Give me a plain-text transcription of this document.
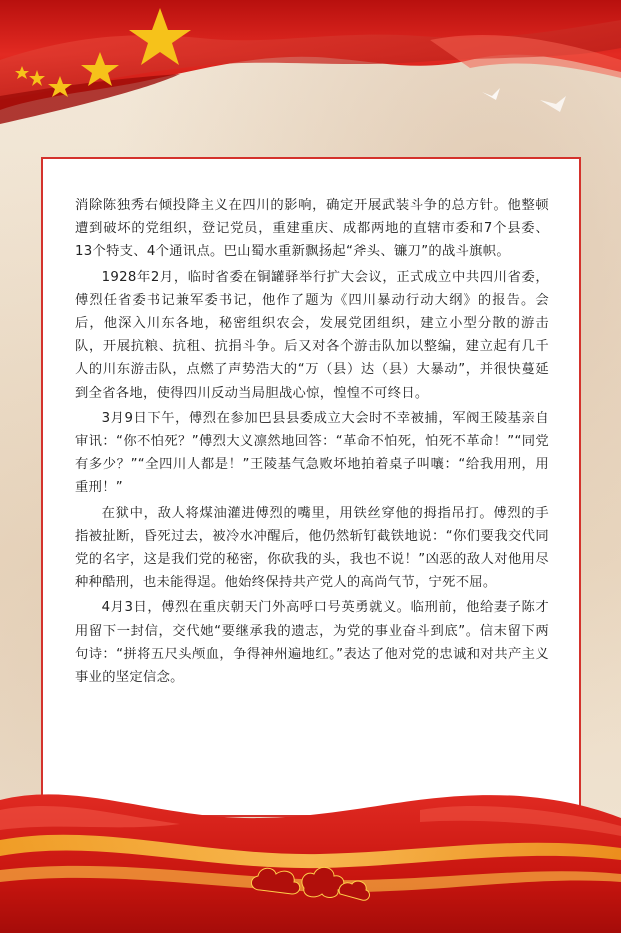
消除陈独秀右倾投降主义在四川的影响，确定开展武装斗争的总方针。他整顿遭到破坏的党组织，登记党员，重建重庆、成都两地的直辖市委和7个县委、13个特支、4个通讯点。巴山蜀水重新飘扬起“斧头、镰刀”的战斗旗帜。

1928年2月，临时省委在铜罐驿举行扩大会议，正式成立中共四川省委，傅烈任省委书记兼军委书记，他作了题为《四川暴动行动大纲》的报告。会后，他深入川东各地，秘密组织农会，发展党团组织，建立小型分散的游击队，开展抗粮、抗租、抗捐斗争。后又对各个游击队加以整编，建立起有几千人的川东游击队，点燃了声势浩大的“万（县）达（县）大暴动”，并很快蔓延到全省各地，使得四川反动当局胆战心惊，惶惶不可终日。

3月9日下午，傅烈在参加巴县县委成立大会时不幸被捕，军阀王陵基亲自审讯：“你不怕死？”傅烈大义凛然地回答：“革命不怕死，怕死不革命！”“同党有多少？”“全四川人都是！”王陵基气急败坏地拍着桌子叫嚷：“给我用刑，用重刑！”

在狱中，敌人将煤油灌进傅烈的嘴里，用铁丝穿他的拇指吊打。傅烈的手指被扯断，昏死过去，被冷水冲醒后，他仍然斩钉截铁地说：“你们要我交代同党的名字，这是我们党的秘密，你砍我的头，我也不说！”凶恶的敌人对他用尽种种酷刑，也未能得逞。他始终保持共产党人的高尚气节，宁死不屈。

4月3日，傅烈在重庆朝天门外高呼口号英勇就义。临刑前，他给妻子陈才用留下一封信，交代她“要继承我的遗志，为党的事业奋斗到底”。信末留下两句诗：“拼将五尺头颅血，争得神州遍地红。”表达了他对党的忠诚和对共产主义事业的坚定信念。
